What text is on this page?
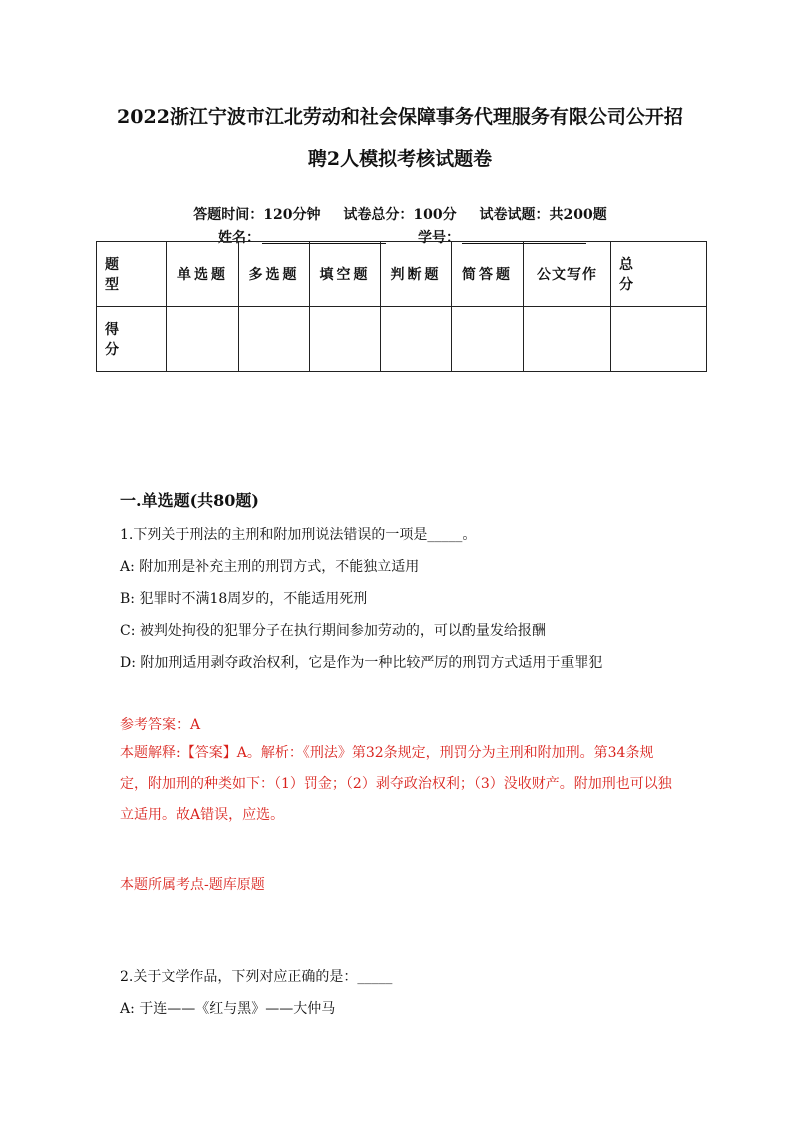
2022浙江宁波市江北劳动和社会保障事务代理服务有限公司公开招
聘2人模拟考核试题卷
答题时间：120分钟 试卷总分：100分 试卷试题：共200题
姓名：	学号：
题 型	单选题	多选题	填空题	判断题	简答题	公文写作	总 分
得 分							
一.单选题(共80题)
1.下列关于刑法的主刑和附加刑说法错误的一项是_____。
A: 附加刑是补充主刑的刑罚方式，不能独立适用
B: 犯罪时不满18周岁的，不能适用死刑
C: 被判处拘役的犯罪分子在执行期间参加劳动的，可以酌量发给报酬
D: 附加刑适用剥夺政治权利，它是作为一种比较严厉的刑罚方式适用于重罪犯
参考答案：A
本题解释:【答案】A。解析：《刑法》第32条规定，刑罚分为主刑和附加刑。第34条规定，附加刑的种类如下：（1）罚金；（2）剥夺政治权利；（3）没收财产。附加刑也可以独立适用。故A错误，应选。
本题所属考点-题库原题
2.关于文学作品，下列对应正确的是：_____
A: 于连——《红与黑》——大仲马
